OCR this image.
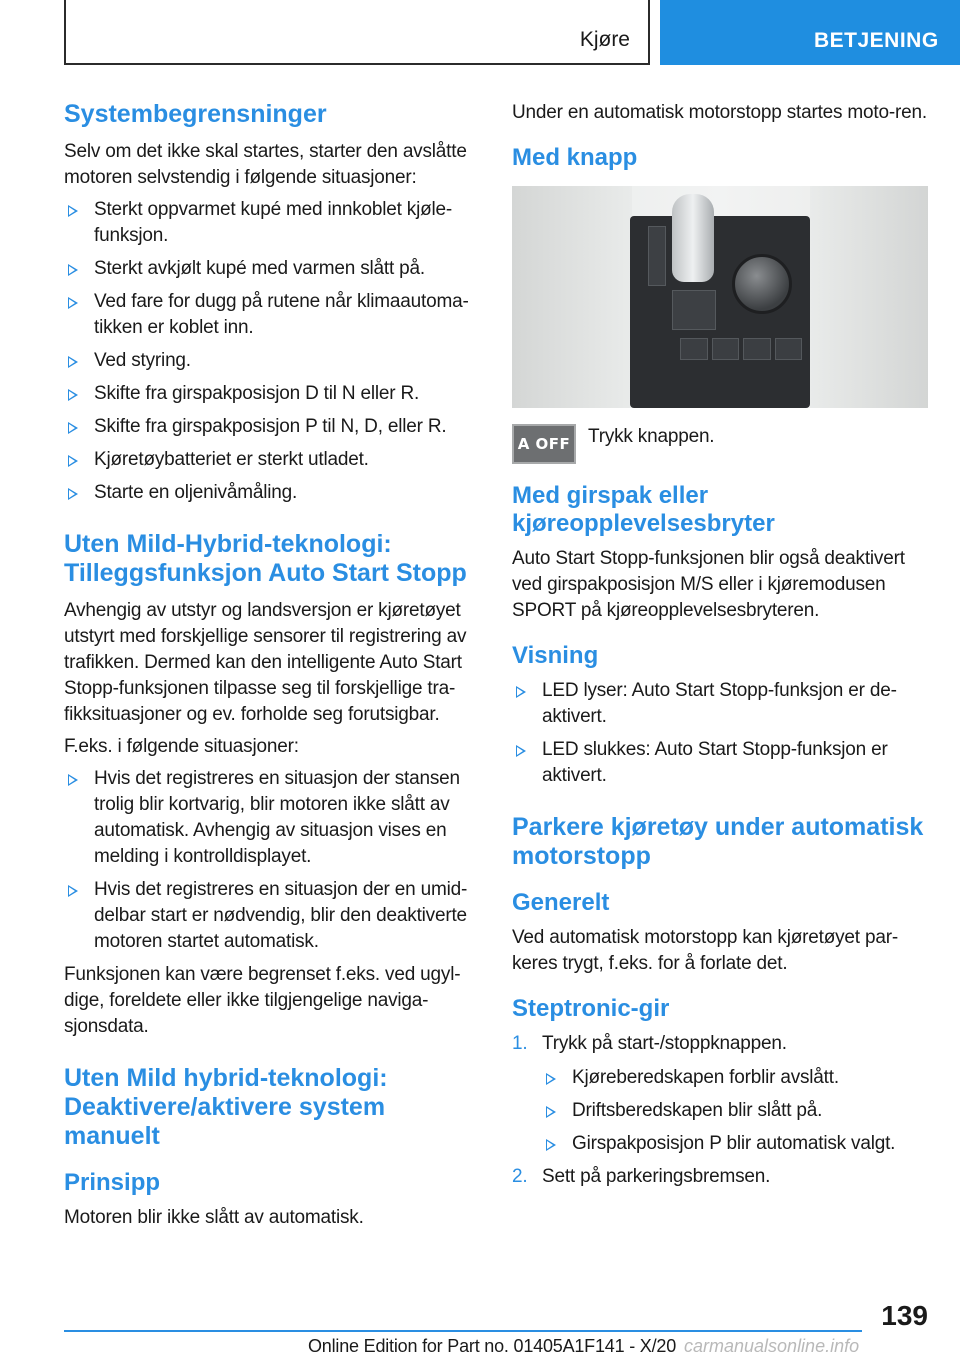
Kjøre	BETJENING
Systembegrensninger

Selv om det ikke skal startes, starter den avslåtte motoren selvstendig i følgende situasjoner:

Sterkt oppvarmet kupé med innkoblet kjøle-funksjon.
Sterkt avkjølt kupé med varmen slått på.
Ved fare for dugg på rutene når klimaautoma-tikken er koblet inn.
Ved styring.
Skifte fra girspakposisjon D til N eller R.
Skifte fra girspakposisjon P til N, D, eller R.
Kjøretøybatteriet er sterkt utladet.
Starte en oljenivåmåling.
Uten Mild-Hybrid-teknologi: Tilleggsfunksjon Auto Start Stopp

Avhengig av utstyr og landsversjon er kjøretøyet utstyrt med forskjellige sensorer til registrering av trafikken. Dermed kan den intelligente Auto Start Stopp-funksjonen tilpasse seg til forskjellige tra-fikksituasjoner og ev. forholde seg forutsigbar.

F.eks. i følgende situasjoner:

Hvis det registreres en situasjon der stansen trolig blir kortvarig, blir motoren ikke slått av automatisk. Avhengig av situasjon vises en melding i kontrolldisplayet.
Hvis det registreres en situasjon der en umid-delbar start er nødvendig, blir den deaktiverte motoren startet automatisk.

Funksjonen kan være begrenset f.eks. ved ugyl-dige, foreldete eller ikke tilgjengelige naviga-sjonsdata.

Uten Mild hybrid-teknologi: Deaktivere/aktivere system manuelt
Prinsipp

Motoren blir ikke slått av automatisk.

Under en automatisk motorstopp startes moto-ren.

Med knapp
A OFF Trykk knappen.

Med girspak eller kjøreopplevelsesbryter

Auto Start Stopp-funksjonen blir også deaktivert ved girspakposisjon M/S eller i kjøremodusen SPORT på kjøreopplevelsesbryteren.

Visning
LED lyser: Auto Start Stopp-funksjon er de-aktivert.
LED slukkes: Auto Start Stopp-funksjon er aktivert.
Parkere kjøretøy under automatisk motorstopp
Generelt

Ved automatisk motorstopp kan kjøretøyet par-keres trygt, f.eks. for å forlate det.

Steptronic-gir
1. Trykk på start-/stoppknappen.
Kjøreberedskapen forblir avslått.
Driftsberedskapen blir slått på.
Girspakposisjon P blir automatisk valgt.
2. Sett på parkeringsbremsen.
139
Online Edition for Part no. 01405A1F141 - X/20 carmanualsonline.info
